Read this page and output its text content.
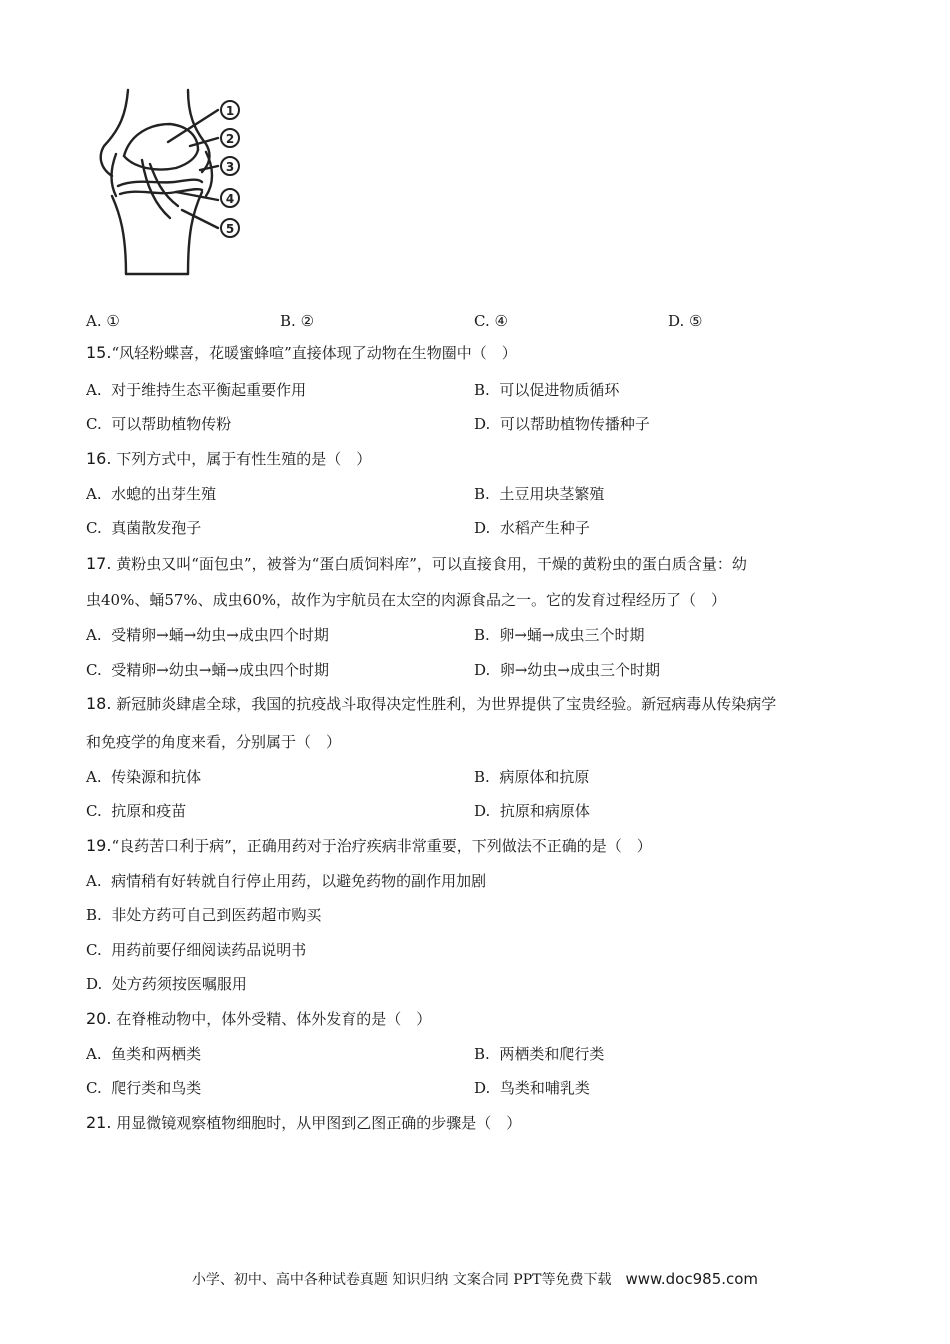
1
2
3
4
5
A. ①	B. ②	C. ④	D. ⑤
15.“风轻粉蝶喜，花暖蜜蜂喧”直接体现了动物在生物圈中（　）
A. 对于维持生态平衡起重要作用	B. 可以促进物质循环
C. 可以帮助植物传粉	D. 可以帮助植物传播种子
16. 下列方式中，属于有性生殖的是（　）
A. 水螅的出芽生殖	B. 土豆用块茎繁殖
C. 真菌散发孢子	D. 水稻产生种子
17. 黄粉虫又叫“面包虫”，被誉为“蛋白质饲料库”，可以直接食用，干燥的黄粉虫的蛋白质含量：幼
虫40%、蛹57%、成虫60%，故作为宇航员在太空的肉源食品之一。它的发育过程经历了（　）
A. 受精卵→蛹→幼虫→成虫四个时期	B. 卵→蛹→成虫三个时期
C. 受精卵→幼虫→蛹→成虫四个时期	D. 卵→幼虫→成虫三个时期
18. 新冠肺炎肆虐全球，我国的抗疫战斗取得决定性胜利，为世界提供了宝贵经验。新冠病毒从传染病学
和免疫学的角度来看，分别属于（　）
A. 传染源和抗体	B. 病原体和抗原
C. 抗原和疫苗	D. 抗原和病原体
19.“良药苦口利于病”，正确用药对于治疗疾病非常重要，下列做法不正确的是（　）
A. 病情稍有好转就自行停止用药，以避免药物的副作用加剧
B. 非处方药可自己到医药超市购买
C. 用药前要仔细阅读药品说明书
D. 处方药须按医嘱服用
20. 在脊椎动物中，体外受精、体外发育的是（　）
A. 鱼类和两栖类	B. 两栖类和爬行类
C. 爬行类和鸟类	D. 鸟类和哺乳类
21. 用显微镜观察植物细胞时，从甲图到乙图正确的步骤是（　）
小学、初中、高中各种试卷真题 知识归纳 文案合同 PPT等免费下载 www.doc985.com
